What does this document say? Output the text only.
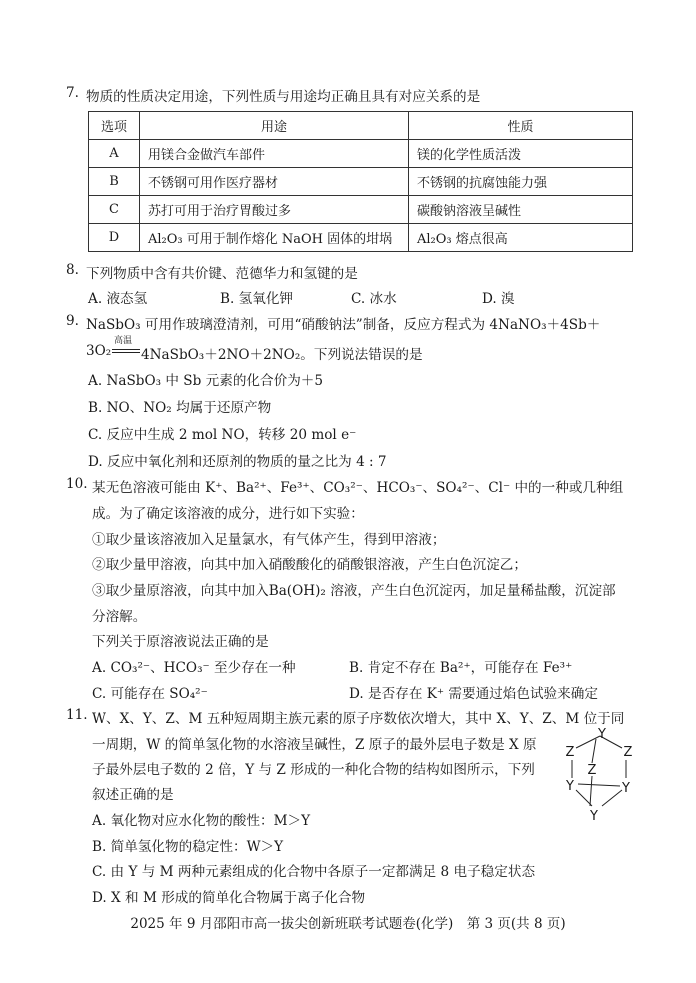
7. 物质的性质决定用途，下列性质与用途均正确且具有对应关系的是
选项	用途	性质
A	用镁合金做汽车部件	镁的化学性质活泼
B	不锈钢可用作医疗器材	不锈钢的抗腐蚀能力强
C	苏打可用于治疗胃酸过多	碳酸钠溶液呈碱性
D	Al₂O₃ 可用于制作熔化 NaOH 固体的坩埚	Al₂O₃ 熔点很高
8. 下列物质中含有共价键、范德华力和氢键的是
A. 液态氢	B. 氢氧化钾	C. 冰水	D. 溴
9. NaSbO₃ 可用作玻璃澄清剂，可用“硝酸钠法”制备，反应方程式为 4NaNO₃＋4Sb＋
3O₂
高温
4NaSbO₃＋2NO＋2NO₂。下列说法错误的是
A. NaSbO₃ 中 Sb 元素的化合价为＋5
B. NO、NO₂ 均属于还原产物
C. 反应中生成 2 mol NO，转移 20 mol e⁻
D. 反应中氧化剂和还原剂的物质的量之比为 4 : 7
10. 某无色溶液可能由 K⁺、Ba²⁺、Fe³⁺、CO₃²⁻、HCO₃⁻、SO₄²⁻、Cl⁻ 中的一种或几种组
成。为了确定该溶液的成分，进行如下实验：
①取少量该溶液加入足量氯水，有气体产生，得到甲溶液；
②取少量甲溶液，向其中加入硝酸酸化的硝酸银溶液，产生白色沉淀乙；
③取少量原溶液，向其中加入Ba(OH)₂ 溶液，产生白色沉淀丙，加足量稀盐酸，沉淀部
分溶解。
下列关于原溶液说法正确的是
A. CO₃²⁻、HCO₃⁻ 至少存在一种	B. 肯定不存在 Ba²⁺，可能存在 Fe³⁺
C. 可能存在 SO₄²⁻	D. 是否存在 K⁺ 需要通过焰色试验来确定
11. W、X、Y、Z、M 五种短周期主族元素的原子序数依次增大，其中 X、Y、Z、M 位于同
一周期，W 的简单氢化物的水溶液呈碱性，Z 原子的最外层电子数是 X 原
子最外层电子数的 2 倍，Y 与 Z 形成的一种化合物的结构如图所示，下列
叙述正确的是
A. 氧化物对应水化物的酸性：M＞Y
B. 简单氢化物的稳定性：W＞Y
C. 由 Y 与 M 两种元素组成的化合物中各原子一定都满足 8 电子稳定状态
D. X 和 M 形成的简单化合物属于离子化合物
Y
Z
Z
Z
Y	Y
Y
2025 年 9 月邵阳市高一拔尖创新班联考试题卷(化学)　第 3 页(共 8 页)
